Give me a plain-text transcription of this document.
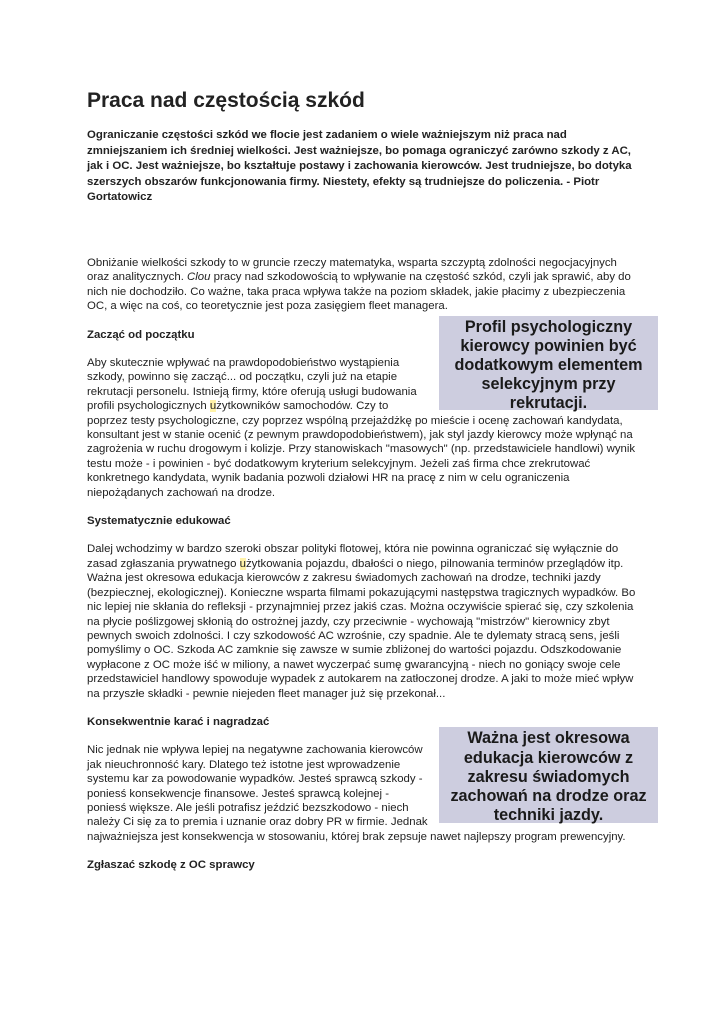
Praca nad częstością szkód

Ograniczanie częstości szkód we flocie jest zadaniem o wiele ważniejszym niż praca nad zmniejszaniem ich średniej wielkości. Jest ważniejsze, bo pomaga ograniczyć zarówno szkody z AC, jak i OC. Jest ważniejsze, bo kształtuje postawy i zachowania kierowców. Jest trudniejsze, bo dotyka szerszych obszarów funkcjonowania firmy. Niestety, efekty są trudniejsze do policzenia. - Piotr Gortatowicz

Obniżanie wielkości szkody to w gruncie rzeczy matematyka, wsparta szczyptą zdolności negocjacyjnych oraz analitycznych. Clou pracy nad szkodowością to wpływanie na częstość szkód, czyli jak sprawić, aby do nich nie dochodziło. Co ważne, taka praca wpływa także na poziom składek, jakie płacimy z ubezpieczenia OC, a więc na coś, co teoretycznie jest poza zasięgiem fleet managera.

Profil psychologiczny kierowcy powinien być dodatkowym elementem selekcyjnym przy rekrutacji.

Zacząć od początku

Aby skutecznie wpływać na prawdopodobieństwo wystąpienia szkody, powinno się zacząć... od początku, czyli już na etapie rekrutacji personelu. Istnieją firmy, które oferują usługi budowania profili psychologicznych użytkowników samochodów. Czy to poprzez testy psychologiczne, czy poprzez wspólną przejażdżkę po mieście i ocenę zachowań kandydata, konsultant jest w stanie ocenić (z pewnym prawdopodobieństwem), jak styl jazdy kierowcy może wpłynąć na zagrożenia w ruchu drogowym i kolizje. Przy stanowiskach "masowych" (np. przedstawiciele handlowi) wynik testu może - i powinien - być dodatkowym kryterium selekcyjnym. Jeżeli zaś firma chce zrekrutować konkretnego kandydata, wynik badania pozwoli działowi HR na pracę z nim w celu ograniczenia niepożądanych zachowań na drodze.

Systematycznie edukować

Dalej wchodzimy w bardzo szeroki obszar polityki flotowej, która nie powinna ograniczać się wyłącznie do zasad zgłaszania prywatnego użytkowania pojazdu, dbałości o niego, pilnowania terminów przeglądów itp. Ważna jest okresowa edukacja kierowców z zakresu świadomych zachowań na drodze, techniki jazdy (bezpiecznej, ekologicznej). Konieczne wsparta filmami pokazującymi następstwa tragicznych wypadków. Bo nic lepiej nie skłania do refleksji - przynajmniej przez jakiś czas. Można oczywiście spierać się, czy szkolenia na płycie poślizgowej skłonią do ostrożnej jazdy, czy przeciwnie - wychowają "mistrzów" kierownicy zbyt pewnych swoich zdolności. I czy szkodowość AC wzrośnie, czy spadnie. Ale te dylematy stracą sens, jeśli pomyślimy o OC. Szkoda AC zamknie się zawsze w sumie zbliżonej do wartości pojazdu. Odszkodowanie wypłacone z OC może iść w miliony, a nawet wyczerpać sumę gwarancyjną - niech no goniący swoje cele przedstawiciel handlowy spowoduje wypadek z autokarem na zatłoczonej drodze. A jaki to może mieć wpływ na przyszłe składki - pewnie niejeden fleet manager już się przekonał...

Konsekwentnie karać i nagradzać

Ważna jest okresowa edukacja kierowców z zakresu świadomych zachowań na drodze oraz techniki jazdy.

Nic jednak nie wpływa lepiej na negatywne zachowania kierowców jak nieuchronność kary. Dlatego też istotne jest wprowadzenie systemu kar za powodowanie wypadków. Jesteś sprawcą szkody - poniesś konsekwencje finansowe. Jesteś sprawcą kolejnej - poniesś większe. Ale jeśli potrafisz jeździć bezszkodowo - niech należy Ci się za to premia i uznanie oraz dobry PR w firmie. Jednak najważniejsza jest konsekwencja w stosowaniu, której brak zepsuje nawet najlepszy program prewencyjny.

Zgłaszać szkodę z OC sprawcy
